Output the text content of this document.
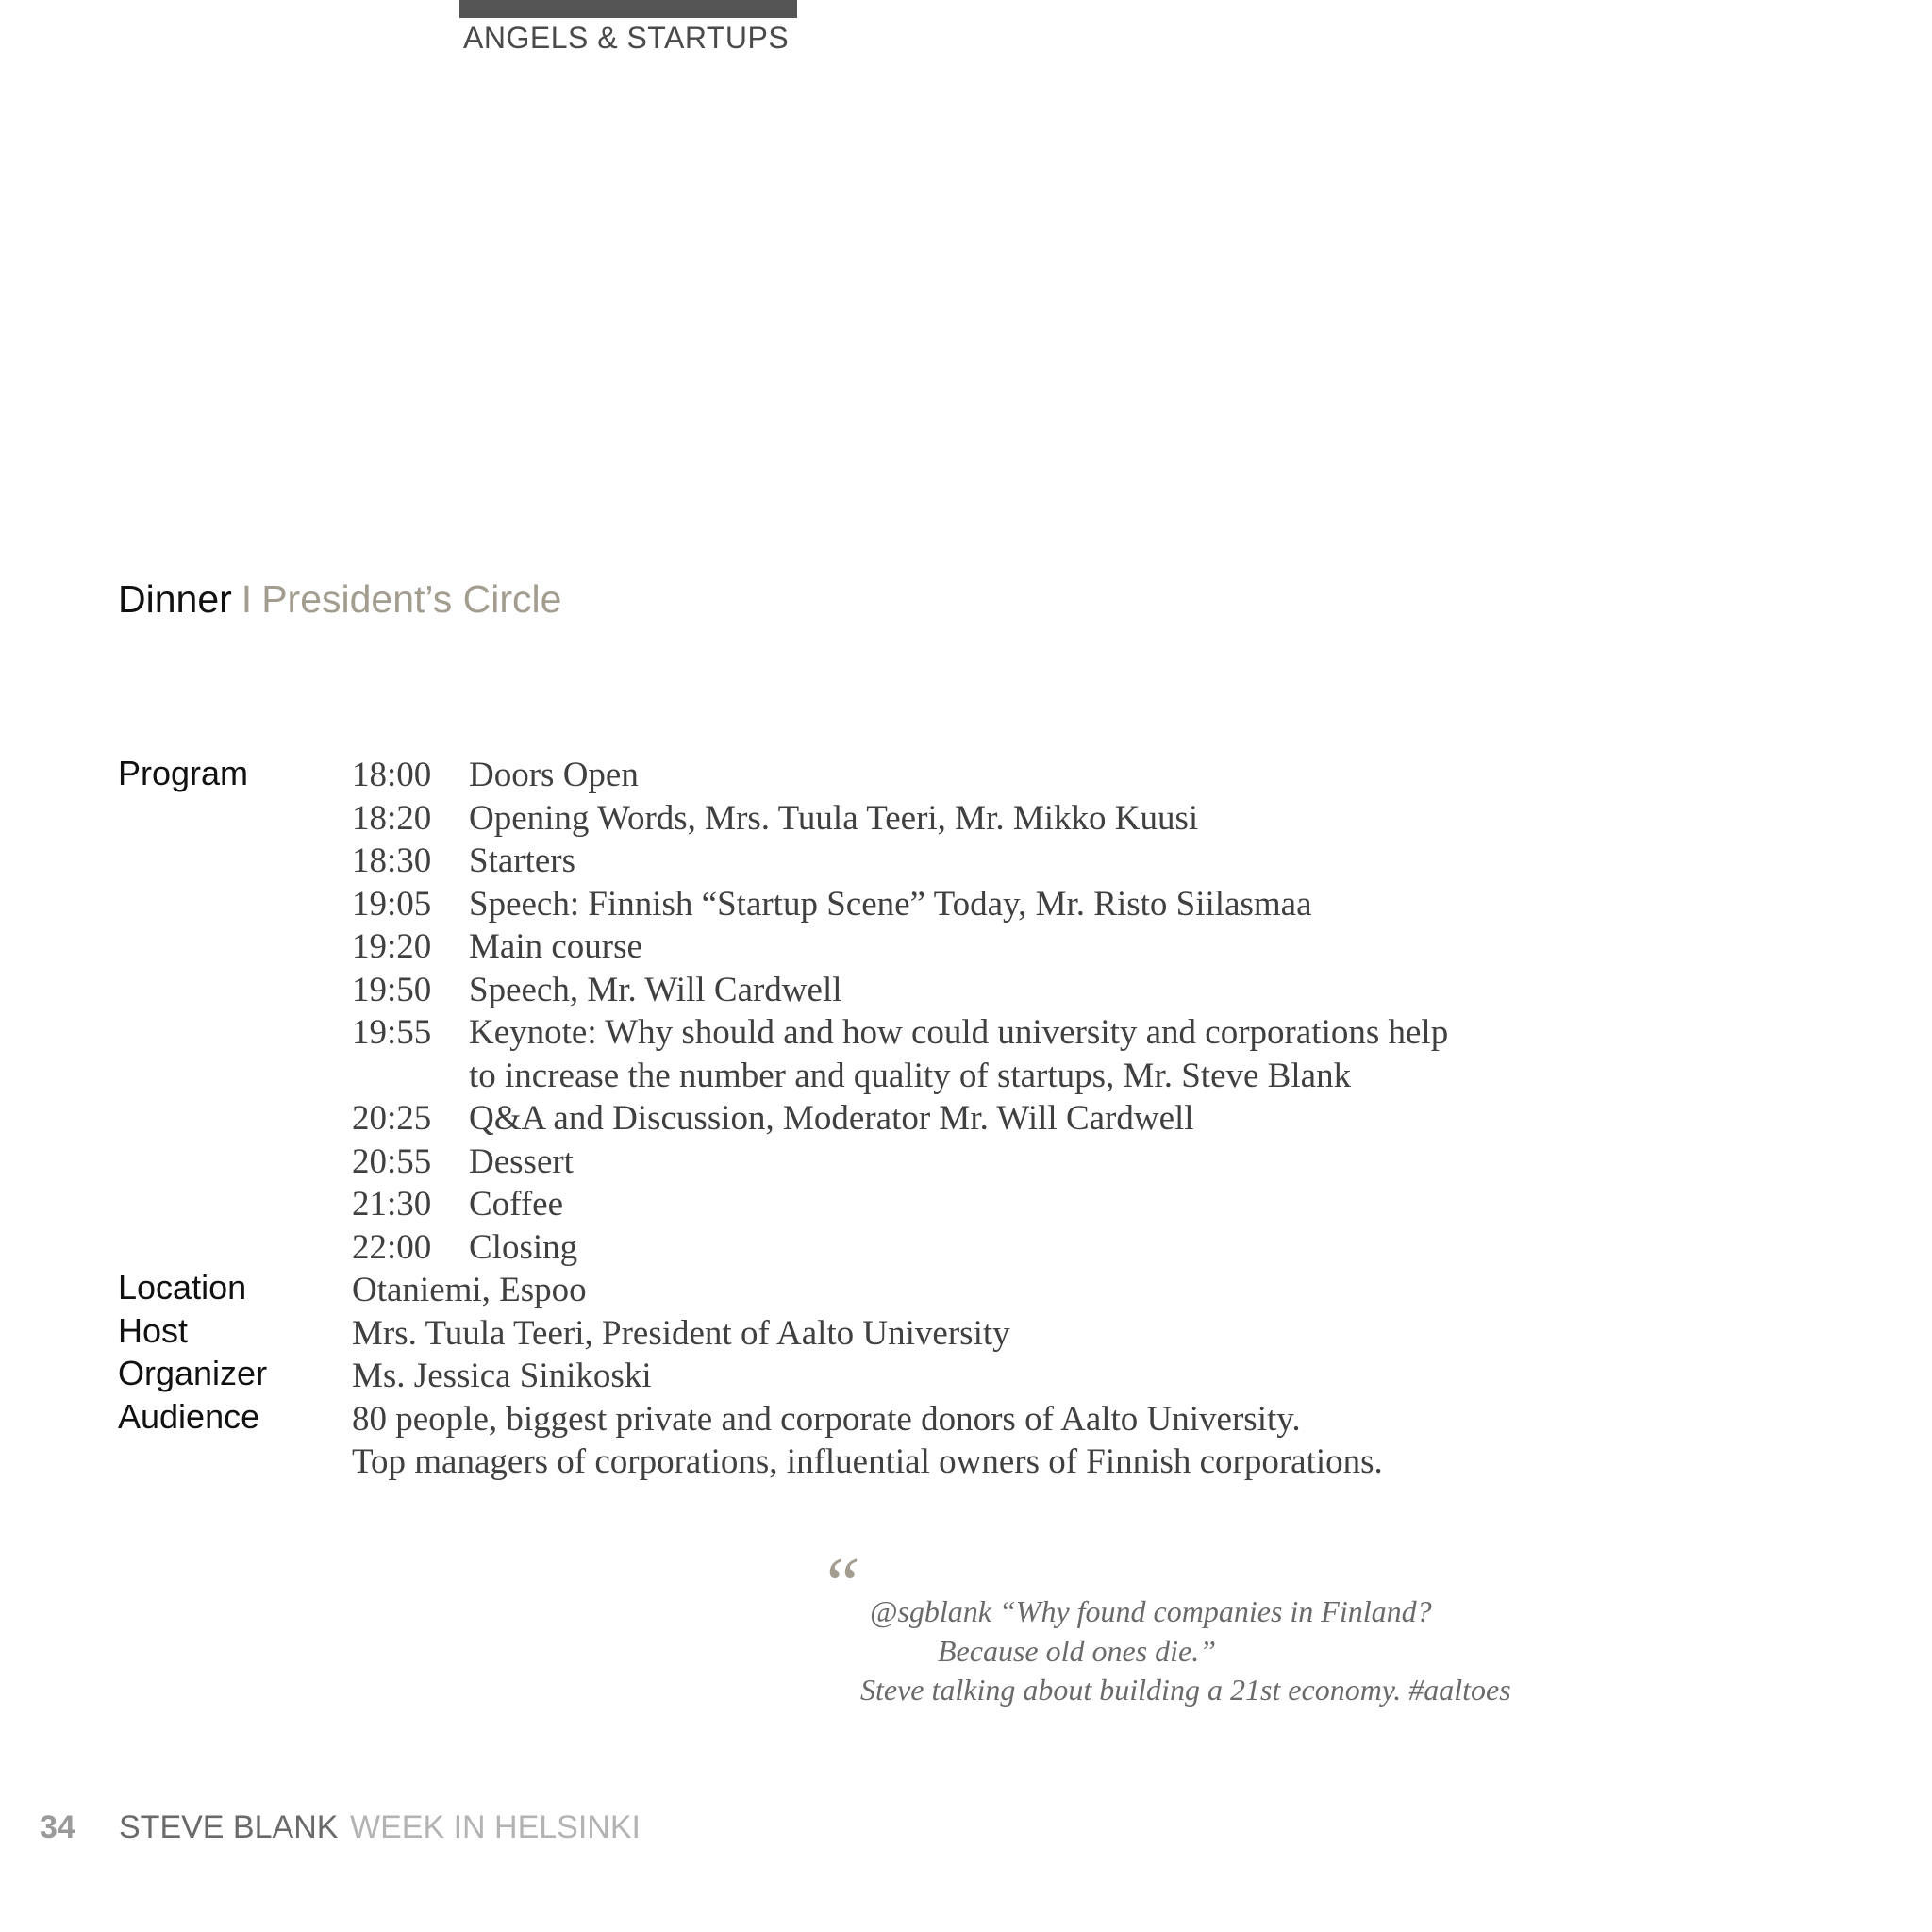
ANGELS & STARTUPS
Dinner I President’s Circle
Program
Location
Host
Organizer
Audience
18:00 Doors Open
18:20 Opening Words, Mrs. Tuula Teeri, Mr. Mikko Kuusi
18:30 Starters
19:05 Speech: Finnish “Startup Scene” Today, Mr. Risto Siilasmaa
19:20 Main course
19:50 Speech, Mr. Will Cardwell
19:55 Keynote: Why should and how could university and corporations help
to increase the number and quality of startups, Mr. Steve Blank
20:25 Q&A and Discussion, Moderator Mr. Will Cardwell
20:55 Dessert
21:30 Coffee
22:00 Closing
Otaniemi, Espoo
Mrs. Tuula Teeri, President of Aalto University
Ms. Jessica Sinikoski
80 people, biggest private and corporate donors of Aalto University.
Top managers of corporations, influential owners of Finnish corporations.
“ @sgblank “Why found companies in Finland?
Because old ones die.”
Steve talking about building a 21st economy. #aaltoes
34 STEVE BLANK WEEK IN HELSINKI
